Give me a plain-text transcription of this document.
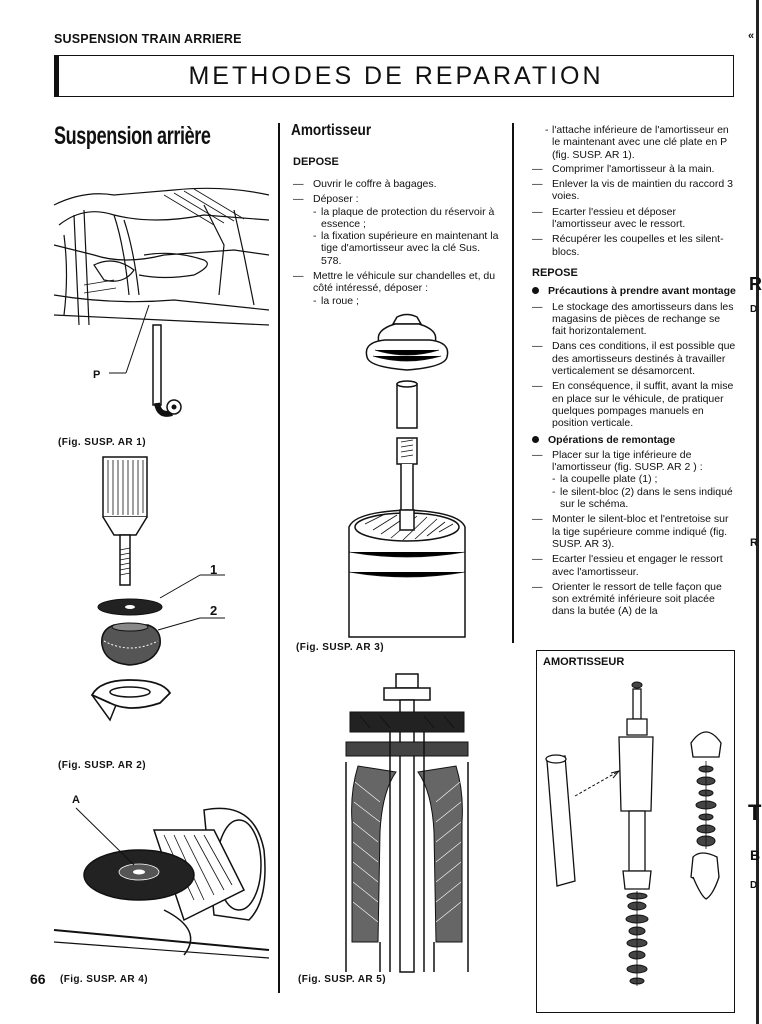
SUSPENSION TRAIN ARRIERE
METHODES DE REPARATION
Suspension arrière
P
(Fig. SUSP. AR 1)
1
2
(Fig. SUSP. AR 2)
A
66 (Fig. SUSP. AR 4)
Amortisseur
DEPOSE
— Ouvrir le coffre à bagages.
— Déposer :
- la plaque de protection du réservoir à essence ;
- la fixation supérieure en maintenant la tige d'amortisseur avec la clé Sus. 578.
— Mettre le véhicule sur chandelles et, du côté intéressé, déposer :
- la roue ;
(Fig. SUSP. AR 3)
(Fig. SUSP. AR 5)
- l'attache inférieure de l'amortisseur en le maintenant avec une clé plate en P (fig. SUSP. AR 1).
— Comprimer l'amortisseur à la main.
— Enlever la vis de maintien du raccord 3 voies.
— Ecarter l'essieu et déposer l'amortisseur avec le ressort.
— Récupérer les coupelles et les silent-blocs.
REPOSE
Précautions à prendre avant montage
— Le stockage des amortisseurs dans les magasins de pièces de rechange se fait horizontalement.
— Dans ces conditions, il est possible que des amortisseurs destinés à travailler verticalement se désamorcent.
— En conséquence, il suffit, avant la mise en place sur le véhicule, de pratiquer quelques pompages manuels en position verticale.
Opérations de remontage
— Placer sur la tige inférieure de l'amortisseur (fig. SUSP. AR 2 ) :
- la coupelle plate (1) ;
- le silent-bloc (2) dans le sens indiqué sur le schéma.
— Monter le silent-bloc et l'entretoise sur la tige supérieure comme indiqué (fig. SUSP. AR 3).
— Ecarter l'essieu et engager le ressort avec l'amortisseur.
— Orienter le ressort de telle façon que son extrémité inférieure soit placée dans la butée (A) de la
AMORTISSEUR
«
R
D
R
T
B
D
